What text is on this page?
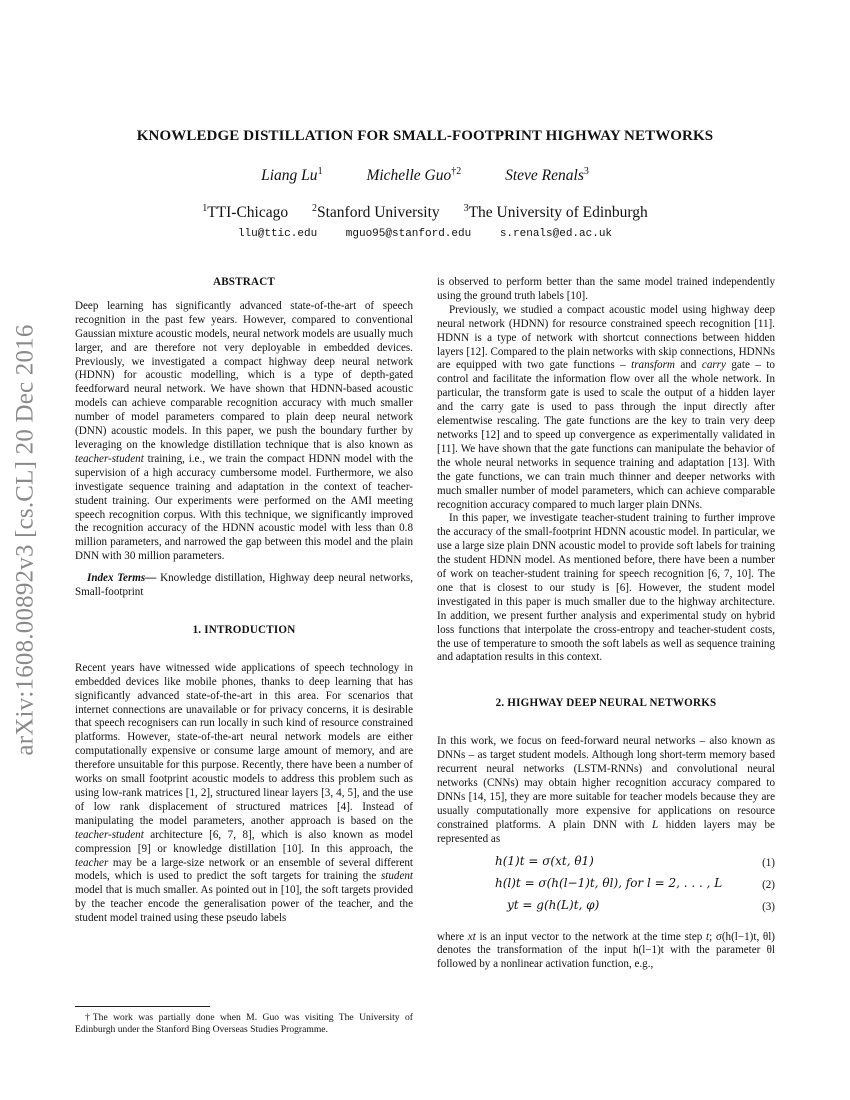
arXiv:1608.00892v3 [cs.CL] 20 Dec 2016
KNOWLEDGE DISTILLATION FOR SMALL-FOOTPRINT HIGHWAY NETWORKS
Liang Lu$^1$	Michelle Guo$^{\dagger 2}$	Steve Renals$^3$
$^1$TTI-Chicago $^2$Stanford University $^3$The University of Edinburgh
llu@ttic.edu	mguo95@stanford.edu	s.renals@ed.ac.uk
ABSTRACT

Deep learning has significantly advanced state-of-the-art of speech recognition in the past few years. However, compared to conventional Gaussian mixture acoustic models, neural network models are usually much larger, and are therefore not very deployable in embedded devices. Previously, we investigated a compact highway deep neural network (HDNN) for acoustic modelling, which is a type of depth-gated feedforward neural network. We have shown that HDNN-based acoustic models can achieve comparable recognition accuracy with much smaller number of model parameters compared to plain deep neural network (DNN) acoustic models. In this paper, we push the boundary further by leveraging on the knowledge distillation technique that is also known as teacher-student training, i.e., we train the compact HDNN model with the supervision of a high accuracy cumbersome model. Furthermore, we also investigate sequence training and adaptation in the context of teacher-student training. Our experiments were performed on the AMI meeting speech recognition corpus. With this technique, we significantly improved the recognition accuracy of the HDNN acoustic model with less than 0.8 million parameters, and narrowed the gap between this model and the plain DNN with 30 million parameters.

Index Terms— Knowledge distillation, Highway deep neural networks, Small-footprint

1. INTRODUCTION

Recent years have witnessed wide applications of speech technology in embedded devices like mobile phones, thanks to deep learning that has significantly advanced state-of-the-art in this area. For scenarios that internet connections are unavailable or for privacy concerns, it is desirable that speech recognisers can run locally in such kind of resource constrained platforms. However, state-of-the-art neural network models are either computationally expensive or consume large amount of memory, and are therefore unsuitable for this purpose. Recently, there have been a number of works on small footprint acoustic models to address this problem such as using low-rank matrices [1, 2], structured linear layers [3, 4, 5], and the use of low rank displacement of structured matrices [4]. Instead of manipulating the model parameters, another approach is based on the teacher-student architecture [6, 7, 8], which is also known as model compression [9] or knowledge distillation [10]. In this approach, the teacher may be a large-size network or an ensemble of several different models, which is used to predict the soft targets for training the student model that is much smaller. As pointed out in [10], the soft targets provided by the teacher encode the generalisation power of the teacher, and the student model trained using these pseudo labels

†The work was partially done when M. Guo was visiting The University of Edinburgh under the Stanford Bing Overseas Studies Programme.

is observed to perform better than the same model trained independently using the ground truth labels [10].

Previously, we studied a compact acoustic model using highway deep neural network (HDNN) for resource constrained speech recognition [11]. HDNN is a type of network with shortcut connections between hidden layers [12]. Compared to the plain networks with skip connections, HDNNs are equipped with two gate functions – transform and carry gate – to control and facilitate the information flow over all the whole network. In particular, the transform gate is used to scale the output of a hidden layer and the carry gate is used to pass through the input directly after elementwise rescaling. The gate functions are the key to train very deep networks [12] and to speed up convergence as experimentally validated in [11]. We have shown that the gate functions can manipulate the behavior of the whole neural networks in sequence training and adaptation [13]. With the gate functions, we can train much thinner and deeper networks with much smaller number of model parameters, which can achieve comparable recognition accuracy compared to much larger plain DNNs.

In this paper, we investigate teacher-student training to further improve the accuracy of the small-footprint HDNN acoustic model. In particular, we use a large size plain DNN acoustic model to provide soft labels for training the student HDNN model. As mentioned before, there have been a number of work on teacher-student training for speech recognition [6, 7, 10]. The one that is closest to our study is [6]. However, the student model investigated in this paper is much smaller due to the highway architecture. In addition, we present further analysis and experimental study on hybrid loss functions that interpolate the cross-entropy and teacher-student costs, the use of temperature to smooth the soft labels as well as sequence training and adaptation results in this context.

2. HIGHWAY DEEP NEURAL NETWORKS

In this work, we focus on feed-forward neural networks – also known as DNNs – as target student models. Although long short-term memory based recurrent neural networks (LSTM-RNNs) and convolutional neural networks (CNNs) may obtain higher recognition accuracy compared to DNNs [14, 15], they are more suitable for teacher models because they are usually computationally more expensive for applications on resource constrained platforms. A plain DNN with L hidden layers may be represented as

h(1)t = σ(xt, θ1)	(1)
h(l)t = σ(h(l−1)t, θl), for l = 2, . . . , L	(2)
yt = g(h(L)t, φ)	(3)

where xt is an input vector to the network at the time step t; σ(h(l−1)t, θl) denotes the transformation of the input h(l−1)t with the parameter θl followed by a nonlinear activation function, e.g.,
